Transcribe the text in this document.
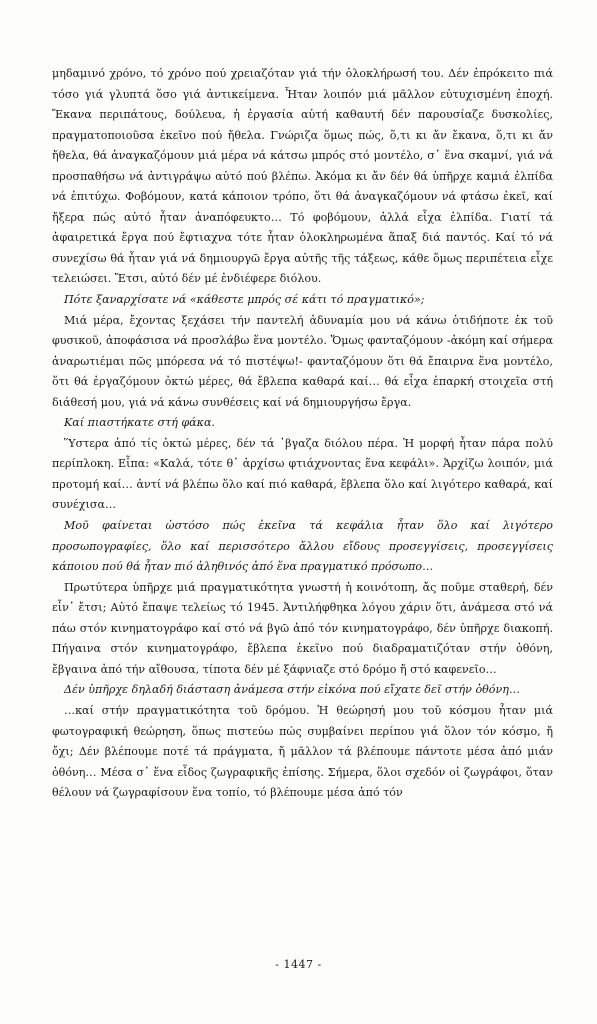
μηδαμινό χρόνο, τό χρόνο πού χρειαζόταν γιά τήν ὁλοκλήρωσή του. Δέν ἐπρόκειτο πιά τόσο γιά γλυπτά ὅσο γιά ἀντικείμενα. Ἦταν λοιπόν μιά μᾶλλον εὐτυχισμένη ἐποχή. Ἔκανα περιπάτους, δούλευα, ἡ ἐργασία αὐτή καθαυτή δέν παρουσίαζε δυσκολίες, πραγματοποιοῦσα ἐκεῖνο πού ἤθελα. Γνώριζα ὅμως πώς, ὅ,τι κι ἄν ἔκανα, ὅ,τι κι ἄν ἤθελα, θά ἀναγκαζόμουν μιά μέρα νά κάτσω μπρός στό μοντέλο, σ᾽ ἕνα σκαμνί, γιά νά προσπαθήσω νά ἀντιγράψω αὐτό πού βλέπω. Ἀκόμα κι ἄν δέν θά ὑπῆρχε καμιά ἐλπίδα νά ἐπιτύχω. Φοβόμουν, κατά κάποιον τρόπο, ὅτι θά ἀναγκαζόμουν νά φτάσω ἐκεῖ, καί ἤξερα πώς αὐτό ἦταν ἀναπόφευκτο… Τό φοβόμουν, ἀλλά εἶχα ἐλπίδα. Γιατί τά ἀφαιρετικά ἔργα πού ἔφτιαχνα τότε ἦταν ὁλοκληρωμένα ἅπαξ διά παντός. Καί τό νά συνεχίσω θά ἦταν γιά νά δημιουργῶ ἔργα αὐτῆς τῆς τάξεως, κάθε ὅμως περιπέτεια εἶχε τελειώσει. Ἔτσι, αὐτό δέν μέ ἐνδιέφερε διόλου.

Πότε ξαναρχίσατε νά «κάθεστε μπρός σέ κάτι τό πραγματικό»;

Μιά μέρα, ἔχοντας ξεχάσει τήν παντελή ἀδυναμία μου νά κάνω ὁτιδήποτε ἐκ τοῦ φυσικοῦ, ἀποφάσισα νά προσλάβω ἕνα μοντέλο. Ὅμως φανταζόμουν -ἀκόμη καί σήμερα ἀναρωτιέμαι πῶς μπόρεσα νά τό πιστέψω!- φανταζόμουν ὅτι θά ἔπαιρνα ἕνα μοντέλο, ὅτι θά ἐργαζόμουν ὀκτώ μέρες, θά ἔβλεπα καθαρά καί… θά εἶχα ἐπαρκή στοιχεῖα στή διάθεσή μου, γιά νά κάνω συνθέσεις καί νά δημιουργήσω ἔργα.

Καί πιαστήκατε στή φάκα.

Ὕστερα ἀπό τίς ὀκτώ μέρες, δέν τά ᾽βγαζα διόλου πέρα. Ἡ μορφή ἦταν πάρα πολύ περίπλοκη. Εἶπα: «Καλά, τότε θ᾽ ἀρχίσω φτιάχνοντας ἕνα κεφάλι». Ἀρχίζω λοιπόν, μιά προτομή καί… ἀντί νά βλέπω ὅλο καί πιό καθαρά, ἔβλεπα ὅλο καί λιγότερο καθαρά, καί συνέχισα…

Μοῦ φαίνεται ὡστόσο πώς ἐκεῖνα τά κεφάλια ἦταν ὅλο καί λιγότερο προσωπογραφίες, ὅλο καί περισσότερο ἄλλου εἴδους προσεγγίσεις, προσεγγίσεις κάποιου πού θά ἦταν πιό ἀληθινός ἀπό ἕνα πραγματικό πρόσωπο…

Πρωτύτερα ὑπῆρχε μιά πραγματικότητα γνωστή ἡ κοινότοπη, ἄς ποῦμε σταθερή, δέν εἶν᾽ ἔτσι; Αὐτό ἔπαψε τελείως τό 1945. Ἀντιλήφθηκα λόγου χάριν ὅτι, ἀνάμεσα στό νά πάω στόν κινηματογράφο καί στό νά βγῶ ἀπό τόν κινηματογράφο, δέν ὑπῆρχε διακοπή. Πήγαινα στόν κινηματογράφο, ἔβλεπα ἐκεῖνο πού διαδραματιζόταν στήν ὀθόνη, ἔβγαινα ἀπό τήν αἴθουσα, τίποτα δέν μέ ξάφνιαζε στό δρόμο ἤ στό καφενεῖο…

Δέν ὑπῆρχε δηλαδή διάσταση ἀνάμεσα στήν εἰκόνα πού εἴχατε δεῖ στήν ὀθόνη…

…καί στήν πραγματικότητα τοῦ δρόμου. Ἡ θεώρησή μου τοῦ κόσμου ἦταν μιά φωτογραφική θεώρηση, ὅπως πιστεύω πώς συμβαίνει περίπου γιά ὅλον τόν κόσμο, ἤ ὄχι; Δέν βλέπουμε ποτέ τά πράγματα, ἤ μᾶλλον τά βλέπουμε πάντοτε μέσα ἀπό μιάν ὀθόνη… Μέσα σ᾽ ἕνα εἶδος ζωγραφικῆς ἐπίσης. Σήμερα, ὅλοι σχεδόν οἱ ζωγράφοι, ὅταν θέλουν νά ζωγραφίσουν ἕνα τοπίο, τό βλέπουμε μέσα ἀπό τόν

- 1447 -
